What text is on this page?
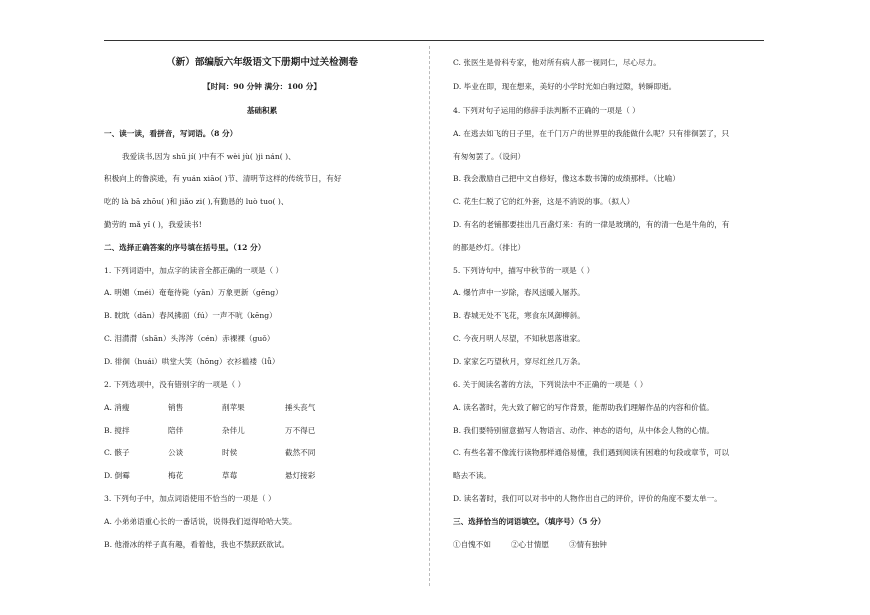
（新）部编版六年级语文下册期中过关检测卷
【时间：90 分钟 满分：100 分】
基础积累
一、读一读，看拼音，写词语。（8 分）
我爱读书,因为 shū jí( )中有不 wèi jù( )ji nán( )、
积极向上的鲁滨逊，有 yuán xiāo( )节、清明节这样的传统节日，有好
吃的 là bā zhōu( )和 jiǎo zi( ),有勤恳的 luò tuo( )、
勤劳的 mǎ yǐ ( )，我爱读书!
二、选择正确答案的序号填在括号里。（12 分）
1. 下列词语中，加点字的读音全都正确的一项是（ ）
A. 明媚（méi）奄奄待毙（yān）万象更新（gēng）
B. 眈眈（dān）春风拂面（fú）一声不吭（kēng）
C. 泪潸潸（shān）头涔涔（cén）赤裸裸（guǒ）
D. 徘徊（huái）哄堂大笑（hōng）衣衫褴褛（lǚ）
2. 下列选项中，没有错别字的一项是（ ）
A. 消瘦	销售	削苹果	捶头丧气
B. 搅拌	陪伴	杂伴儿	万不得已
C. 骸子	公谈	时侯	截然不同
D. 倒霉	梅花	草莓	悬灯接彩
3. 下列句子中，加点词语使用不恰当的一项是（ ）
A. 小弟弟语重心长的一番话说，说得我们逗得哈哈大笑。
B. 他滑冰的样子真有趣，看着他，我也不禁跃跃欲试。
C. 张医生是骨科专家，他对所有病人都一视同仁，尽心尽力。
D. 毕业在即，现在想来，美好的小学时光如白驹过隙，转瞬即逝。
4. 下列对句子运用的修辞手法判断不正确的一项是（ ）
A. 在逃去如飞的日子里，在千门万户的世界里的我能做什么呢？只有徘徊罢了，只
有匆匆罢了。（设问）
B. 我会激励自己把中文自修好，像这本数书簿的成绩那样。（比喻）
C. 花生仁脱了它的红外套，这是不消说的事。（拟人）
D. 有名的老铺都要挂出几百盏灯来：有的一律是玻璃的，有的清一色是牛角的，有
的都是纱灯。（排比）
5. 下列诗句中，描写中秋节的一项是（ ）
A. 爆竹声中一岁除，春风送暖入屠苏。
B. 春城无处不飞花，寒食东风御柳斜。
C. 今夜月明人尽望，不知秋思落谁家。
D. 家家乞巧望秋月，穿尽红丝几万条。
6. 关于阅读名著的方法，下列说法中不正确的一项是（ ）
A. 读名著时，先大致了解它的写作背景，能帮助我们理解作品的内容和价值。
B. 我们要特别留意描写人物语言、动作、神态的语句，从中体会人物的心情。
C. 有些名著不像流行读物那样通俗易懂，我们遇到阅读有困难的句段或章节，可以
略去不读。
D. 读名著时，我们可以对书中的人物作出自己的评价，评价的角度不要太单一。
三、选择恰当的词语填空。（填序号）（5 分）
①自愧不如	②心甘情愿	③情有独钟
